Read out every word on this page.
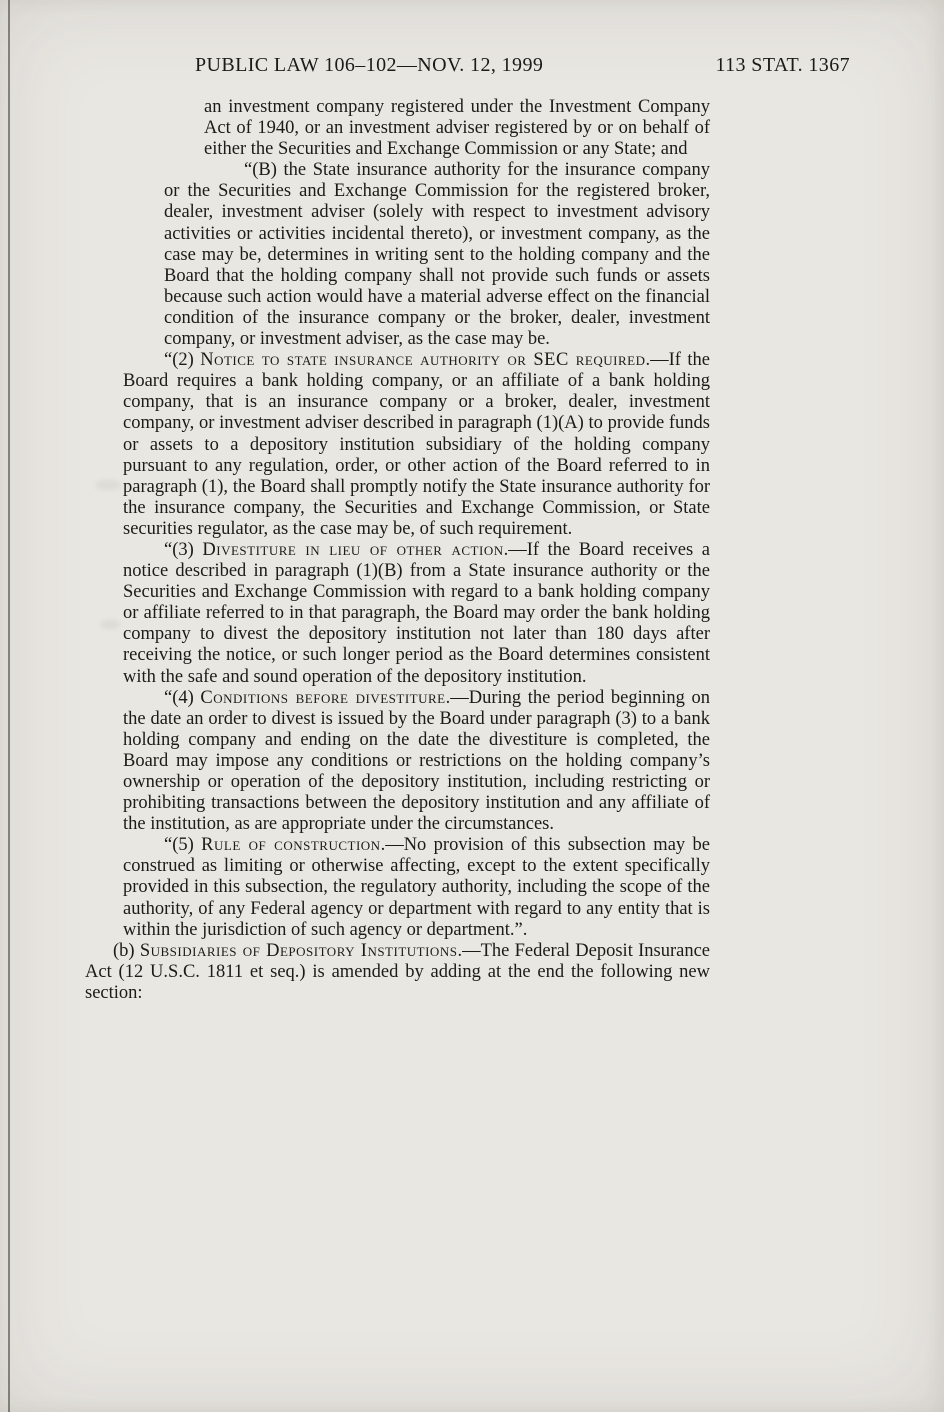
PUBLIC LAW 106–102—NOV. 12, 1999	113 STAT. 1367

an investment company registered under the Investment Company Act of 1940, or an investment adviser registered by or on behalf of either the Securities and Exchange Commission or any State; and

“(B) the State insurance authority for the insurance company or the Securities and Exchange Commission for the registered broker, dealer, investment adviser (solely with respect to investment advisory activities or activities incidental thereto), or investment company, as the case may be, determines in writing sent to the holding company and the Board that the holding company shall not provide such funds or assets because such action would have a material adverse effect on the financial condition of the insurance company or the broker, dealer, investment company, or investment adviser, as the case may be.

“(2) Notice to state insurance authority or SEC required.—If the Board requires a bank holding company, or an affiliate of a bank holding company, that is an insurance company or a broker, dealer, investment company, or investment adviser described in paragraph (1)(A) to provide funds or assets to a depository institution subsidiary of the holding company pursuant to any regulation, order, or other action of the Board referred to in paragraph (1), the Board shall promptly notify the State insurance authority for the insurance company, the Securities and Exchange Commission, or State securities regulator, as the case may be, of such requirement.

“(3) Divestiture in lieu of other action.—If the Board receives a notice described in paragraph (1)(B) from a State insurance authority or the Securities and Exchange Commission with regard to a bank holding company or affiliate referred to in that paragraph, the Board may order the bank holding company to divest the depository institution not later than 180 days after receiving the notice, or such longer period as the Board determines consistent with the safe and sound operation of the depository institution.

“(4) Conditions before divestiture.—During the period beginning on the date an order to divest is issued by the Board under paragraph (3) to a bank holding company and ending on the date the divestiture is completed, the Board may impose any conditions or restrictions on the holding company’s ownership or operation of the depository institution, including restricting or prohibiting transactions between the depository institution and any affiliate of the institution, as are appropriate under the circumstances.

“(5) Rule of construction.—No provision of this subsection may be construed as limiting or otherwise affecting, except to the extent specifically provided in this subsection, the regulatory authority, including the scope of the authority, of any Federal agency or department with regard to any entity that is within the jurisdiction of such agency or department.”.

(b) Subsidiaries of Depository Institutions.—The Federal Deposit Insurance Act (12 U.S.C. 1811 et seq.) is amended by adding at the end the following new section:
